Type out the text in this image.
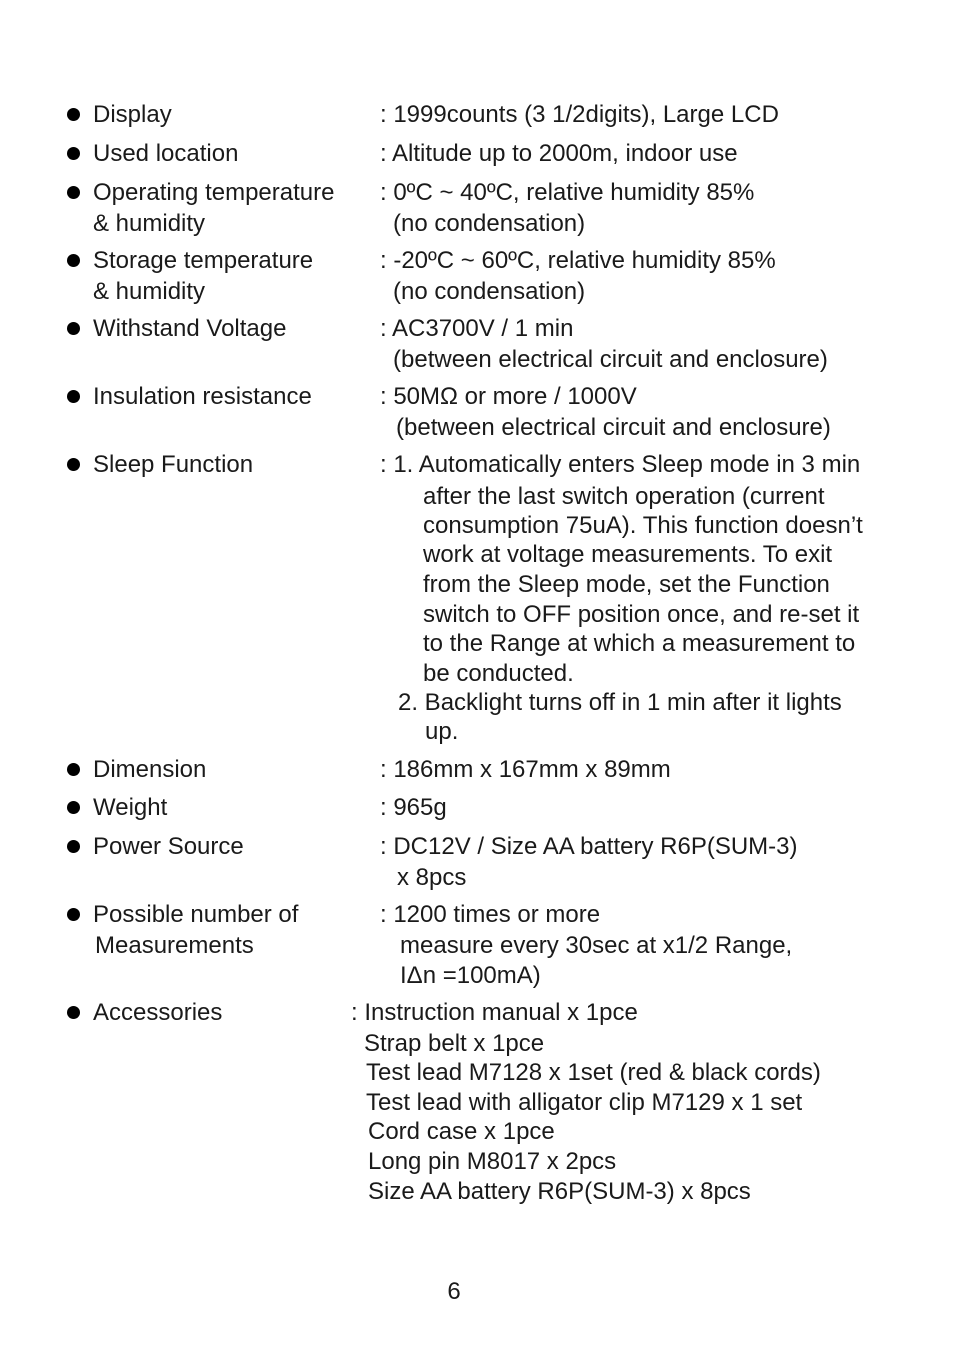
Display	: 1999counts (3 1/2digits), Large LCD
Used location	: Altitude up to 2000m, indoor use
Operating temperature
& humidity
: 0ºC ~ 40ºC, relative humidity 85%
(no condensation)
Storage temperature
& humidity
: -20ºC ~ 60ºC, relative humidity 85%
(no condensation)
Withstand Voltage	: AC3700V / 1 min
(between electrical circuit and enclosure)
Insulation resistance	: 50MΩ or more / 1000V
(between electrical circuit and enclosure)
Sleep Function	: 1. Automatically enters Sleep mode in 3 min
after the last switch operation (current
consumption 75uA). This function doesn’t
work at voltage measurements. To exit
from the Sleep mode, set the Function
switch to OFF position once, and re-set it
to the Range at which a measurement to
be conducted.
2. Backlight turns off in 1 min after it lights
up.
Dimension	: 186mm x 167mm x 89mm
Weight	: 965g
Power Source	: DC12V / Size AA battery R6P(SUM-3)
x 8pcs
Possible number of
Measurements
: 1200 times or more
measure every 30sec at x1/2 Range,
IΔn =100mA)
Accessories	: Instruction manual x 1pce
Strap belt x 1pce
Test lead M7128 x 1set (red & black cords)
Test lead with alligator clip M7129 x 1 set
Cord case x 1pce
Long pin M8017 x 2pcs
Size AA battery R6P(SUM-3) x 8pcs
6
